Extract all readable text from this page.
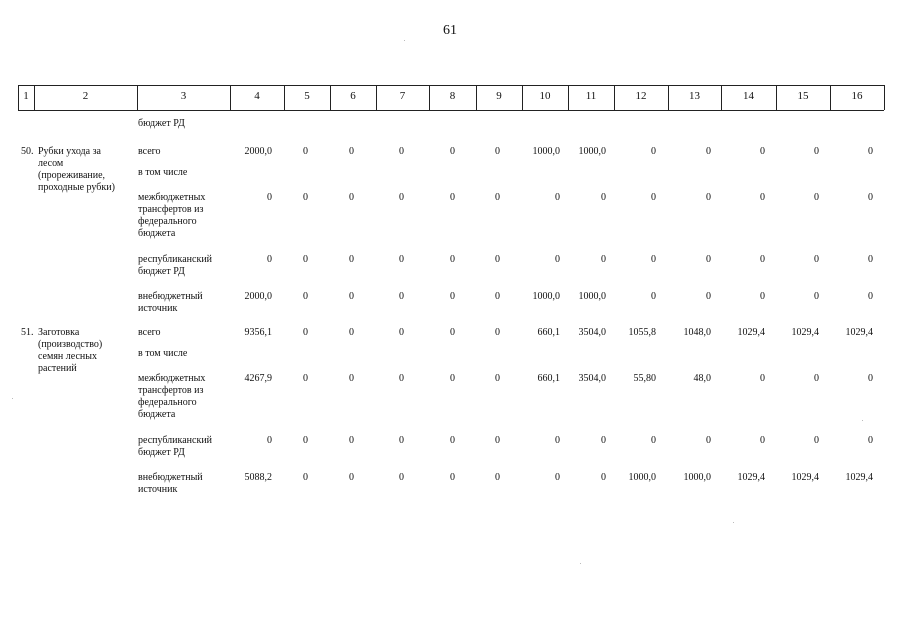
61
1	2	3	4	5	6	7	8	9	10	11	12	13	14	15	16
бюджет РД
50. Рубки ухода за
лесом
(прореживание,
проходные рубки)
всего	2000,0	0	0	0	0	0	1000,0	1000,0	0	0	0	0	0
в том числе
межбюджетных
трансфертов из
федерального
бюджета
0	0	0	0	0	0	0	0	0	0	0	0	0
республиканский
бюджет РД
0	0	0	0	0	0	0	0	0	0	0	0	0
внебюджетный
источник
2000,0	0	0	0	0	0	1000,0	1000,0	0	0	0	0	0
51. Заготовка
(производство)
семян лесных
растений
всего	9356,1	0	0	0	0	0	660,1	3504,0	1055,8	1048,0	1029,4	1029,4	1029,4
в том числе
межбюджетных
трансфертов из
федерального
бюджета
4267,9	0	0	0	0	0	660,1	3504,0	55,80	48,0	0	0	0
республиканский
бюджет РД
0	0	0	0	0	0	0	0	0	0	0	0	0
внебюджетный
источник
5088,2	0	0	0	0	0	0	0	1000,0	1000,0	1029,4	1029,4	1029,4
